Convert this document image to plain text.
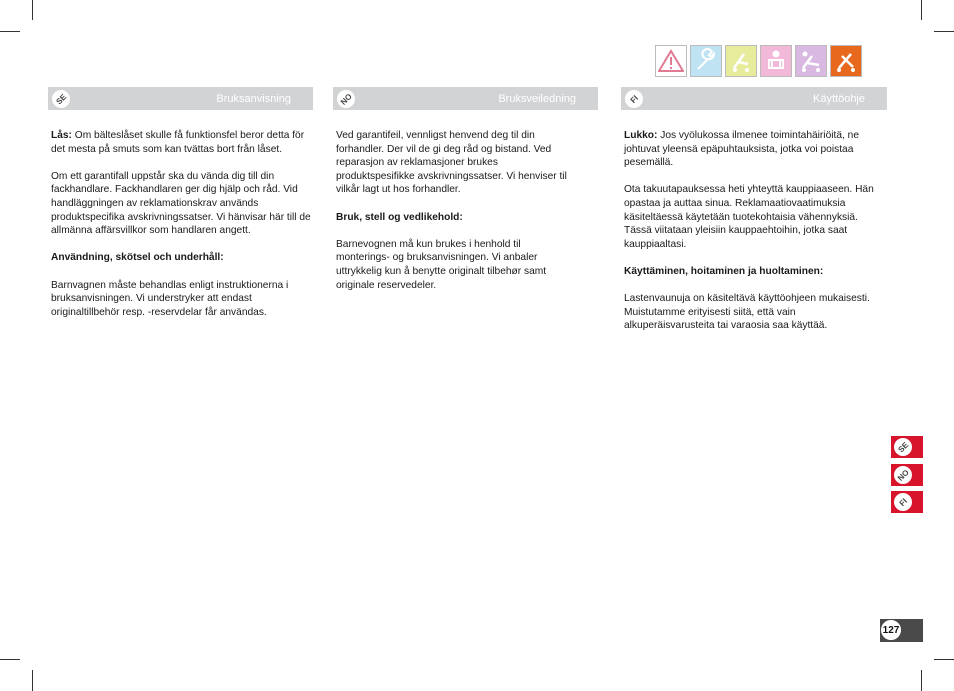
SE	Bruksanvisning	NO	Bruksveiledning	FI	Käyttöohje

Lås: Om bälteslåset skulle få funktionsfel beror detta för det mesta på smuts som kan tvättas bort från låset.

Om ett garantifall uppstår ska du vända dig till din fackhandlare. Fackhandlaren ger dig hjälp och råd. Vid handläggningen av reklamationskrav används produktspecifika avskrivningssatser. Vi hänvisar här till de allmänna affärsvillkor som handlaren angett.

Användning, skötsel och underhåll:

Barnvagnen måste behandlas enligt instruktionerna i bruksanvisningen. Vi understryker att endast originaltillbehör resp. -reservdelar får användas.

Ved garantifeil, vennligst henvend deg til din forhandler. Der vil de gi deg råd og bistand. Ved reparasjon av reklamasjoner brukes produktspesifikke avskrivningssatser. Vi henviser til vilkår lagt ut hos forhandler.

Bruk, stell og vedlikehold:

Barnevognen må kun brukes i henhold til monterings- og bruksanvisningen. Vi anbaler uttrykkelig kun å benytte originalt tilbehør samt originale reservedeler.

Lukko: Jos vyölukossa ilmenee toimintahäiriöitä, ne johtuvat yleensä epäpuhtauksista, jotka voi poistaa pesemällä.

Ota takuutapauksessa heti yhteyttä kauppiaaseen. Hän opastaa ja auttaa sinua. Reklamaatiovaatimuksia käsiteltäessä käytetään tuotekohtaisia vähennyksiä. Tässä viitataan yleisiin kauppaehtoihin, jotka saat kauppiaaltasi.

Käyttäminen, hoitaminen ja huoltaminen:

Lastenvaunuja on käsiteltävä käyttöohjeen mukaisesti. Muistutamme erityisesti siitä, että vain alkuperäisvarusteita tai varaosia saa käyttää.

SE
NO
FI
127
